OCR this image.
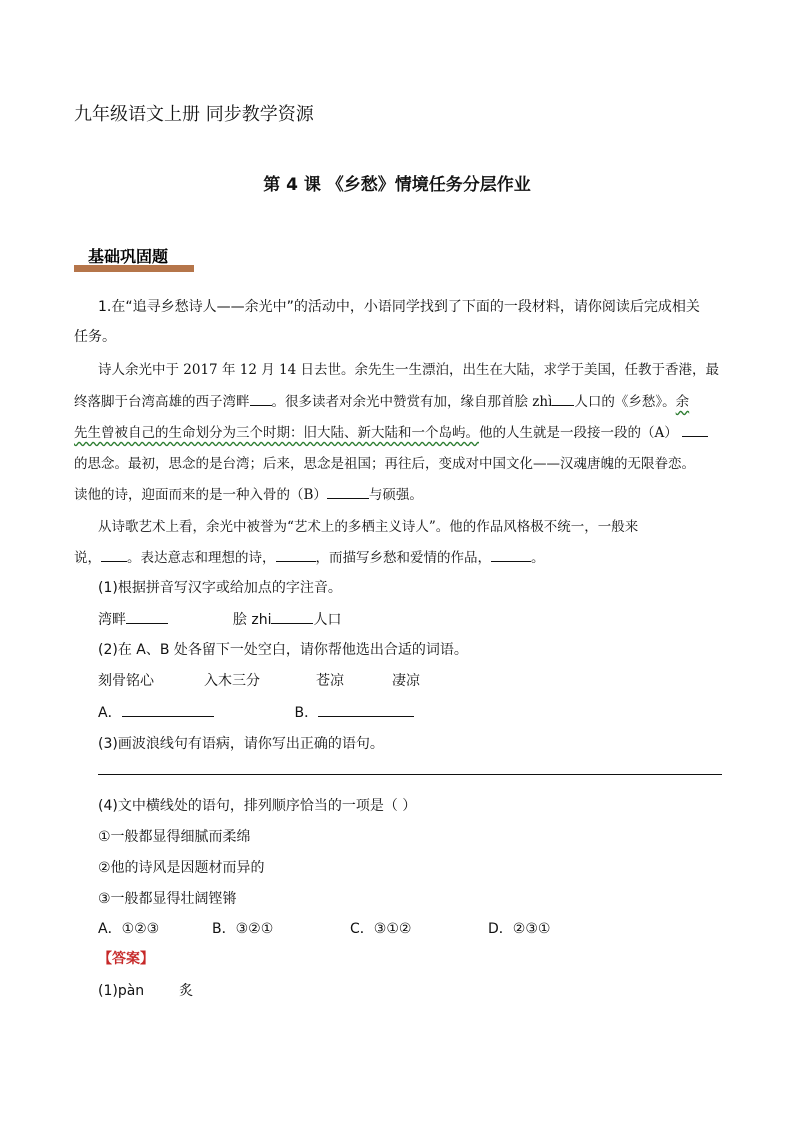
九年级语文上册 同步教学资源
第 4 课 《乡愁》情境任务分层作业
基础巩固题
1.在“追寻乡愁诗人——余光中”的活动中，小语同学找到了下面的一段材料，请你阅读后完成相关
任务。
诗人余光中于 2017 年 12 月 14 日去世。余先生一生漂泊，出生在大陆，求学于美国，任教于香港，最
终落脚于台湾高雄的西子湾畔 。很多读者对余光中赞赏有加，缘自那首脍 zhì 人口的《乡愁》。余
先生曾被自己的生命划分为三个时期：旧大陆、新大陆和一个岛屿。他的人生就是一段接一段的（A）
的思念。最初，思念的是台湾；后来，思念是祖国；再往后，变成对中国文化——汉魂唐魄的无限眷恋。
读他的诗，迎面而来的是一种入骨的（B）	与硕强。
从诗歌艺术上看，余光中被誉为“艺术上的多栖主义诗人”。他的作品风格极不统一，一般来
说， 。表达意志和理想的诗，	，而描写乡愁和爱情的作品，	。
(1)根据拼音写汉字或给加点的字注音。
湾畔	脍 zhi	人口
(2)在 A、B 处各留下一处空白，请你帮他选出合适的词语。
刻骨铭心	入木三分	苍凉	凄凉
A．	B．
(3)画波浪线句有语病，请你写出正确的语句。
(4)文中横线处的语句，排列顺序恰当的一项是（ ）
①一般都显得细腻而柔绵
②他的诗风是因题材而异的
③一般都显得壮阔铿锵
A．①②③	B．③②①	C．③①②	D．②③①
【答案】
(1)pàn 炙
